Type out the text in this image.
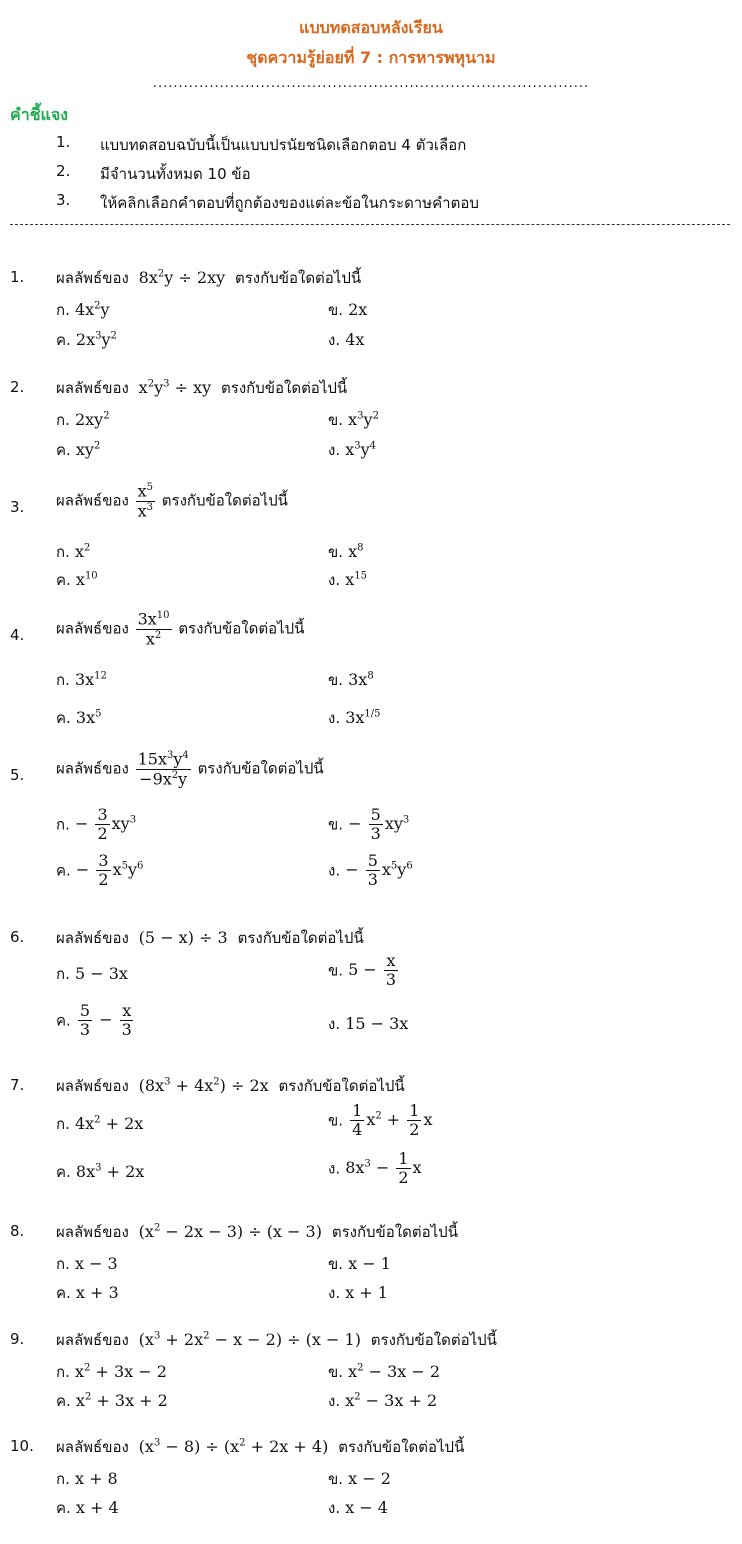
แบบทดสอบหลังเรียน
ชุดความรู้ย่อยที่ 7 : การหารพหุนาม
.....................................................................................
คำชี้แจง
1. แบบทดสอบฉบับนี้เป็นแบบปรนัยชนิดเลือกตอบ 4 ตัวเลือก
2. มีจำนวนทั้งหมด 10 ข้อ
3. ให้คลิกเลือกคำตอบที่ถูกต้องของแต่ละข้อในกระดาษคำตอบ
1. ผลลัพธ์ของ  $8x^2y \div 2xy$  ตรงกับข้อใดต่อไปนี้
ก. $4x^2y$	ข. 2x
ค. $2x^3y^2$	ง. 4x
2. ผลลัพธ์ของ  $x^2y^3$ ÷ xy  ตรงกับข้อใดต่อไปนี้
ก. $2xy^2$	ข. $x^3y^2$
ค. $xy^2$	ง. $x^3y^4$
3. ผลลัพธ์ของ $\frac{x^5}{x^3}$ ตรงกับข้อใดต่อไปนี้
ก. $x^2$	ข. $x^8$
ค. $x^{10}$	ง. $x^{15}$
4. ผลลัพธ์ของ $\frac{3x^{10}}{x^2}$ ตรงกับข้อใดต่อไปนี้
ก. $3x^{12}$	ข. $3x^8$
ค. $3x^5$	ง. $3x^{1/5}$
5. ผลลัพธ์ของ $\frac{15x^3y^4}{-9x^2y}$ ตรงกับข้อใดต่อไปนี้
ก. − $\frac{3}{2} xy^3$	ข. − $\frac{5}{3} xy^3$
ค. − $\frac{3}{2} x^5y^6$	ง. − $\frac{5}{3} x^5y^6$
6. ผลลัพธ์ของ  (5 − x) ÷ 3  ตรงกับข้อใดต่อไปนี้
ก. 5 − 3x	ข. $5 - \frac{x}{3}$
ค. $\frac{5}{3} - \frac{x}{3}$	ง. 15 − 3x
7. ผลลัพธ์ของ  $(8x^3 + 4x^2) \div 2x$  ตรงกับข้อใดต่อไปนี้
ก. $4x^2 + 2x$	ข. $\frac{1}{4} x^2 + \frac{1}{2}$ x
ค. $8x^3 + 2x$	ง. $8x^3 - \frac{1}{2}$ x
8. ผลลัพธ์ของ  $(x^2 - 2x - 3) \div (x - 3)$  ตรงกับข้อใดต่อไปนี้
ก. x − 3	ข. x − 1
ค. x + 3	ง. x + 1
9. ผลลัพธ์ของ  $(x^3 + 2x^2 - x - 2) \div (x - 1)$  ตรงกับข้อใดต่อไปนี้
ก. $x^2 + 3x - 2$	ข. $x^2 - 3x - 2$
ค. $x^2 + 3x + 2$	ง. $x^2 - 3x + 2$
10. ผลลัพธ์ของ  $(x^3 - 8) \div (x^2 + 2x + 4)$  ตรงกับข้อใดต่อไปนี้
ก. x + 8	ข. x − 2
ค. x + 4	ง. x − 4
